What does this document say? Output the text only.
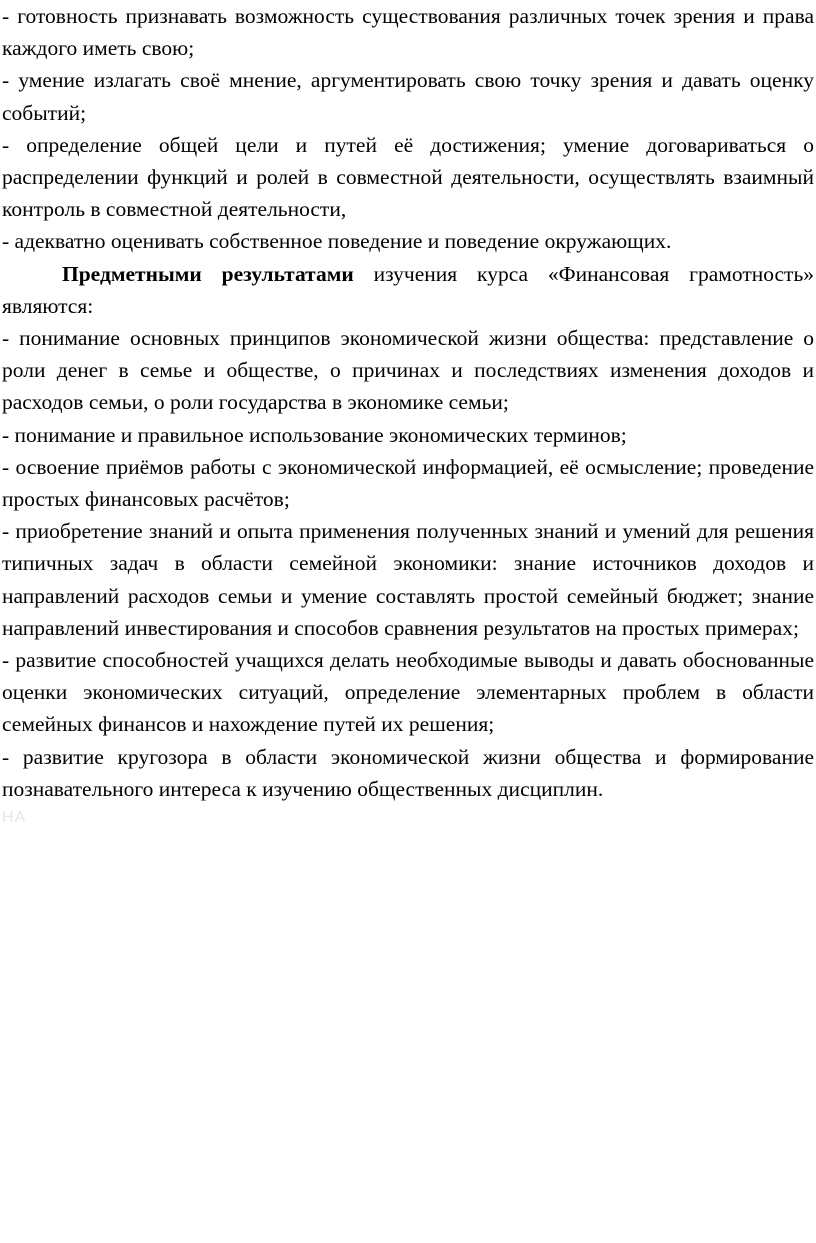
- готовность признавать возможность существования различных точек зрения и права каждого иметь свою;

- умение излагать своё мнение, аргументировать свою точку зрения и давать оценку событий;

- определение общей цели и путей её достижения; умение договариваться о распределении функций и ролей в совместной деятельности, осуществлять взаимный контроль в совместной деятельности,

- адекватно оценивать собственное поведение и поведение окружающих.

Предметными результатами изучения курса «Финансовая грамотность» являются:

- понимание основных принципов экономической жизни общества: представление о роли денег в семье и обществе, о причинах и последствиях изменения доходов и расходов семьи, о роли государства в экономике семьи;

- понимание и правильное использование экономических терминов;

- освоение приёмов работы с экономической информацией, её осмысление; проведение простых финансовых расчётов;

- приобретение знаний и опыта применения полученных знаний и умений для решения типичных задач в области семейной экономики: знание источников доходов и направлений расходов семьи и умение составлять простой семейный бюджет; знание направлений инвестирования и способов сравнения результатов на простых примерах;

- развитие способностей учащихся делать необходимые выводы и давать обоснованные оценки экономических ситуаций, определение элементарных проблем в области семейных финансов и нахождение путей их решения;

- развитие кругозора в области экономической жизни общества и формирование познавательного интереса к изучению общественных дисциплин.

НА
